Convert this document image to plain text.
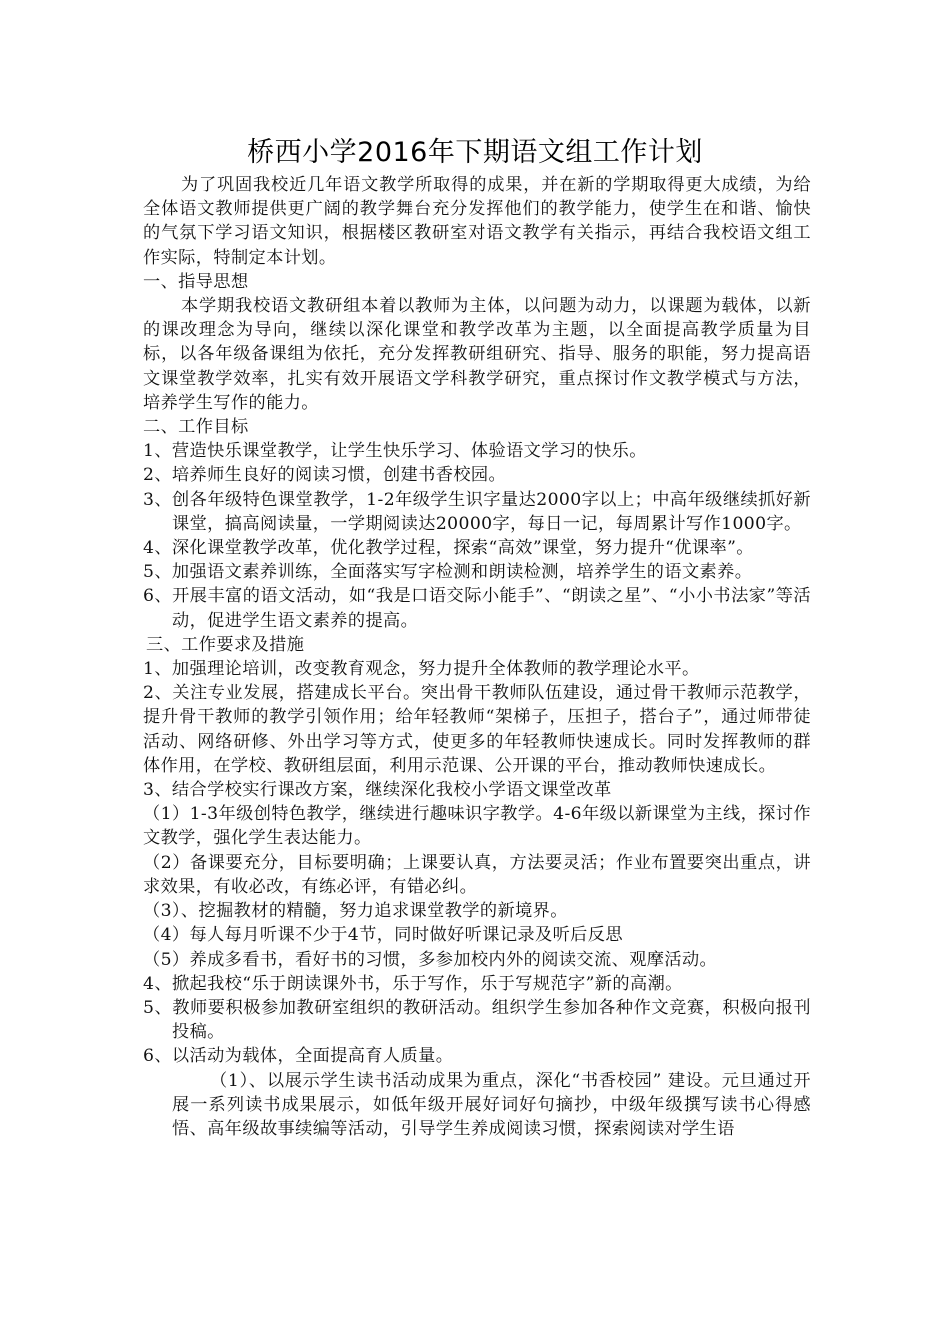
桥西小学2016年下期语文组工作计划

为了巩固我校近几年语文教学所取得的成果，并在新的学期取得更大成绩，为给全体语文教师提供更广阔的教学舞台充分发挥他们的教学能力，使学生在和谐、愉快的气氛下学习语文知识，根据楼区教研室对语文教学有关指示，再结合我校语文组工作实际，特制定本计划。

一、指导思想

本学期我校语文教研组本着以教师为主体，以问题为动力，以课题为载体，以新的课改理念为导向，继续以深化课堂和教学改革为主题，以全面提高教学质量为目标，以各年级备课组为依托，充分发挥教研组研究、指导、服务的职能，努力提高语文课堂教学效率，扎实有效开展语文学科教学研究，重点探讨作文教学模式与方法，培养学生写作的能力。

二、工作目标

1、营造快乐课堂教学，让学生快乐学习、体验语文学习的快乐。

2、培养师生良好的阅读习惯，创建书香校园。

3、创各年级特色课堂教学，1-2年级学生识字量达2000字以上；中高年级继续抓好新课堂，搞高阅读量，一学期阅读达20000字，每日一记，每周累计写作1000字。

4、深化课堂教学改革，优化教学过程，探索“高效”课堂，努力提升“优课率”。

5、加强语文素养训练，全面落实写字检测和朗读检测，培养学生的语文素养。

6、开展丰富的语文活动，如“我是口语交际小能手”、“朗读之星”、“小小书法家”等活动，促进学生语文素养的提高。

三、工作要求及措施

1、加强理论培训，改变教育观念，努力提升全体教师的教学理论水平。

2、关注专业发展，搭建成长平台。突出骨干教师队伍建设，通过骨干教师示范教学，提升骨干教师的教学引领作用；给年轻教师“架梯子，压担子，搭台子”，通过师带徒活动、网络研修、外出学习等方式，使更多的年轻教师快速成长。同时发挥教师的群体作用，在学校、教研组层面，利用示范课、公开课的平台，推动教师快速成长。

3、结合学校实行课改方案，继续深化我校小学语文课堂改革

（1）1-3年级创特色教学，继续进行趣味识字教学。4-6年级以新课堂为主线，探讨作文教学，强化学生表达能力。

（2）备课要充分，目标要明确；上课要认真，方法要灵活；作业布置要突出重点，讲求效果，有收必改，有练必评，有错必纠。

（3）、挖掘教材的精髓，努力追求课堂教学的新境界。

（4）每人每月听课不少于4节，同时做好听课记录及听后反思

（5）养成多看书，看好书的习惯，多参加校内外的阅读交流、观摩活动。

4、掀起我校“乐于朗读课外书，乐于写作，乐于写规范字”新的高潮。

5、教师要积极参加教研室组织的教研活动。组织学生参加各种作文竞赛，积极向报刊投稿。

6、以活动为载体，全面提高育人质量。

（1）、以展示学生读书活动成果为重点，深化“书香校园” 建设。元旦通过开展一系列读书成果展示，如低年级开展好词好句摘抄，中级年级撰写读书心得感悟、高年级故事续编等活动，引导学生养成阅读习惯，探索阅读对学生语
